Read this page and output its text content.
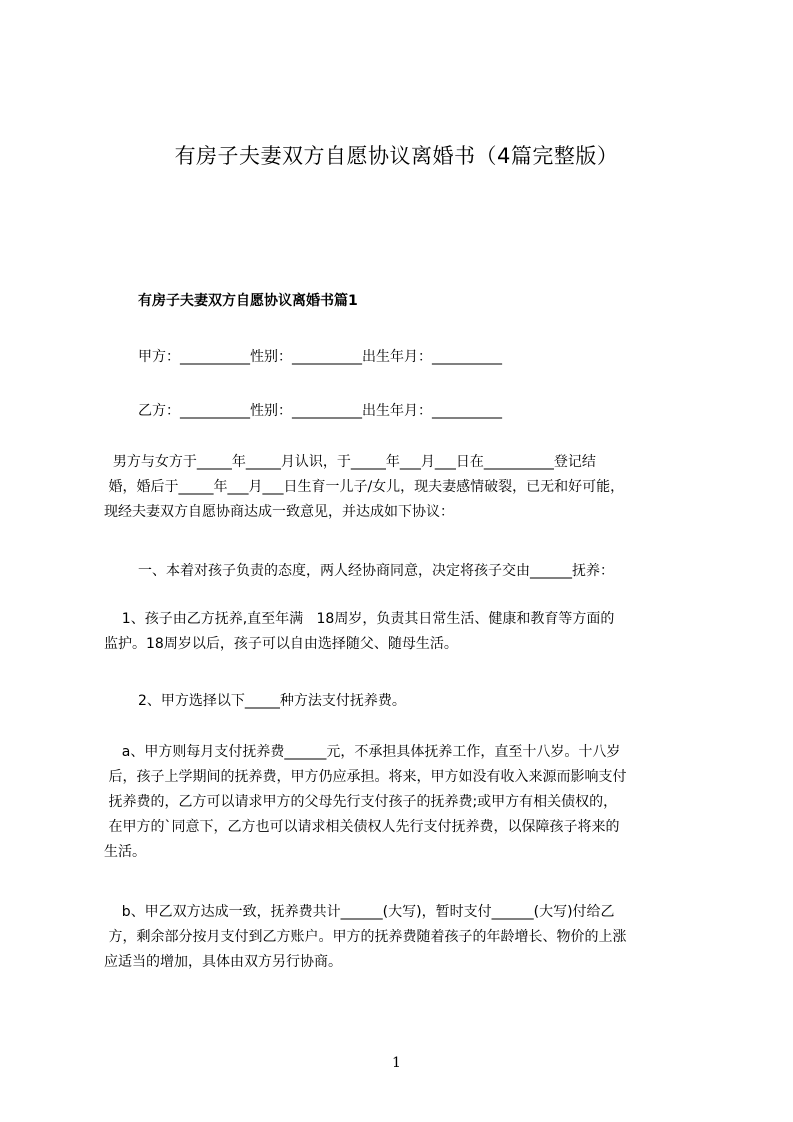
有房子夫妻双方自愿协议离婚书（4篇完整版）
有房子夫妻双方自愿协议离婚书篇1
甲方：__________性别：__________出生年月：__________
乙方：__________性别：__________出生年月：__________
男方与女方于_____年_____月认识，于_____年___月___日在__________登记结
婚，婚后于_____年___月___日生育一儿子/女儿，现夫妻感情破裂，已无和好可能，
现经夫妻双方自愿协商达成一致意见，并达成如下协议：
一、本着对孩子负责的态度，两人经协商同意，决定将孩子交由______抚养：
1、孩子由乙方抚养,直至年满   18周岁，负责其日常生活、健康和教育等方面的
监护。18周岁以后，孩子可以自由选择随父、随母生活。
2、甲方选择以下_____种方法支付抚养费。
a、甲方则每月支付抚养费______元，不承担具体抚养工作，直至十八岁。十八岁
后，孩子上学期间的抚养费，甲方仍应承担。将来，甲方如没有收入来源而影响支付
抚养费的，乙方可以请求甲方的父母先行支付孩子的抚养费;或甲方有相关债权的，
在甲方的`同意下，乙方也可以请求相关债权人先行支付抚养费，以保障孩子将来的
生活。
b、甲乙双方达成一致，抚养费共计______(大写)，暂时支付______(大写)付给乙
方，剩余部分按月支付到乙方账户。甲方的抚养费随着孩子的年龄增长、物价的上涨
应适当的增加，具体由双方另行协商。
1
